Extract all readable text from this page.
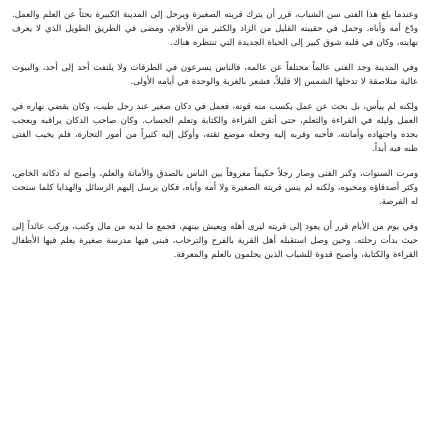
وعندما بلغ هذا الفتى سن الشباب، قرر أن يترك قريته الصغيرة ويرحل إلى المدينة الكبيرة بحثاً عن العلم والعمل. ودّع أمه وأباه، وحمل في حقيبته القليل من الزاد والكثير من الأحلام، ومضى في الطريق الطويل الذي لا يعرف نهايته، وكان في قلبه شوق كبير إلى الحياة الجديدة التي تنتظره هناك.

وفي المدينة وجد الفتى عالماً مختلفاً عن عالمه، فالناس يسرعون في الطرقات ولا يلتفت أحد إلى أحد، والبيوت عالية متلاصقة لا تدخلها الشمس إلا قليلاً، فشعر بالغربة والوحدة في أيامه الأولى.

ولكنه لم ييأس، بل بحث عن عمل يكسب منه قوته، فعمل في دكان صغير عند رجل طيب، وكان يقضي نهاره في العمل وليله في القراءة والتعلم، حتى أتقن القراءة والكتابة وتعلم الحساب. وكان صاحب الدكان يراقبه ويعجب بجده واجتهاده وأمانته، فأحبه وقربه إليه وجعله موضع ثقته، وأوكل إليه كثيراً من أمور التجارة، فلم يخيب الفتى ظنه فيه أبداً.

ومرت السنوات، وكبر الفتى وصار رجلاً حكيماً معروفاً بين الناس بالصدق والأمانة والعلم، وأصبح له دكانه الخاص، وكثر أصدقاؤه ومحبوه، ولكنه لم ينس قريته الصغيرة ولا أمه وأباه، فكان يرسل إليهم الرسائل والهدايا كلما سنحت له الفرصة.

وفي يوم من الأيام قرر أن يعود إلى قريته ليرى أهله ويعيش بينهم، فجمع ما لديه من مال وكتب، وركب عائداً إلى حيث بدأت رحلته. وحين وصل استقبله أهل القرية بالفرح والترحاب، فبنى فيها مدرسة صغيرة يعلم فيها الأطفال القراءة والكتابة، وأصبح قدوة للشباب الذين يحلمون بالعلم والمعرفة.
